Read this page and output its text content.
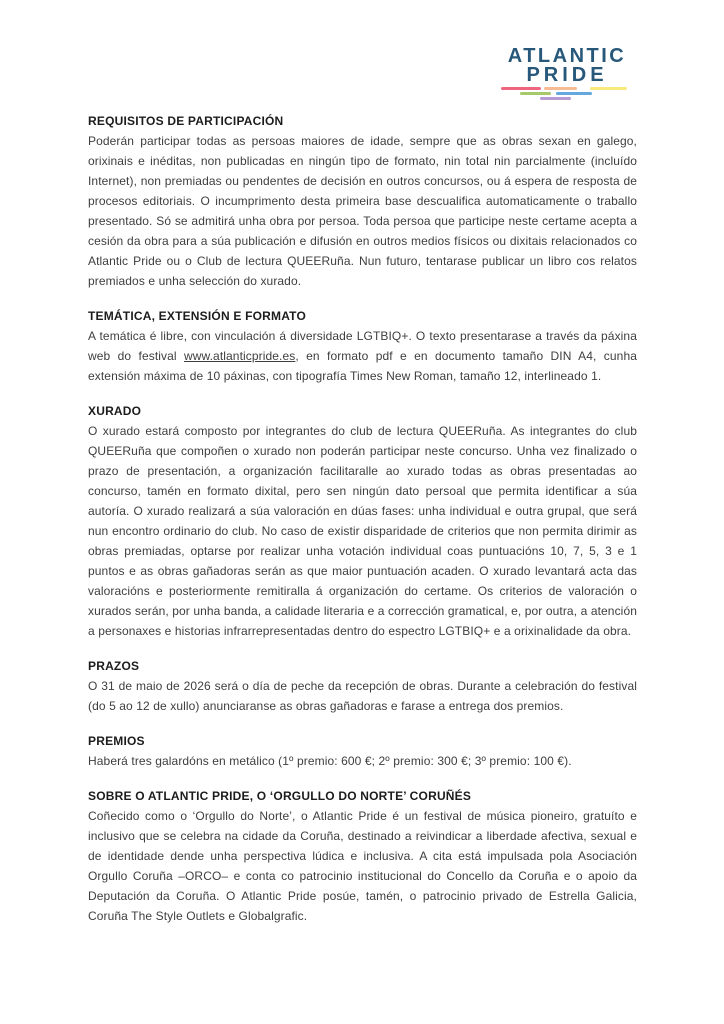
ATLANTIC
PRIDE
REQUISITOS DE PARTICIPACIÓN

Poderán participar todas as persoas maiores de idade, sempre que as obras sexan en galego, orixinais e inéditas, non publicadas en ningún tipo de formato, nin total nin parcialmente (incluído Internet), non premiadas ou pendentes de decisión en outros concursos, ou á espera de resposta de procesos editoriais. O incumprimento desta primeira base descualifica automaticamente o traballo presentado. Só se admitirá unha obra por persoa. Toda persoa que participe neste certame acepta a cesión da obra para a súa publicación e difusión en outros medios físicos ou dixitais relacionados co Atlantic Pride ou o Club de lectura QUEERuña. Nun futuro, tentarase publicar un libro cos relatos premiados e unha selección do xurado.

TEMÁTICA, EXTENSIÓN E FORMATO

A temática é libre, con vinculación á diversidade LGTBIQ+. O texto presentarase a través da páxina web do festival www.atlanticpride.es, en formato pdf e en documento tamaño DIN A4, cunha extensión máxima de 10 páxinas, con tipografía Times New Roman, tamaño 12, interlineado 1.

XURADO

O xurado estará composto por integrantes do club de lectura QUEERuña. As integrantes do club QUEERuña que compoñen o xurado non poderán participar neste concurso. Unha vez finalizado o prazo de presentación, a organización facilitaralle ao xurado todas as obras presentadas ao concurso, tamén en formato dixital, pero sen ningún dato persoal que permita identificar a súa autoría. O xurado realizará a súa valoración en dúas fases: unha individual e outra grupal, que será nun encontro ordinario do club. No caso de existir disparidade de criterios que non permita dirimir as obras premiadas, optarse por realizar unha votación individual coas puntuacións 10, 7, 5, 3 e 1 puntos e as obras gañadoras serán as que maior puntuación acaden. O xurado levantará acta das valoracións e posteriormente remitiralla á organización do certame. Os criterios de valoración o xurados serán, por unha banda, a calidade literaria e a corrección gramatical, e, por outra, a atención a personaxes e historias infrarrepresentadas dentro do espectro LGTBIQ+ e a orixinalidade da obra.

PRAZOS

O 31 de maio de 2026 será o día de peche da recepción de obras. Durante a celebración do festival (do 5 ao 12 de xullo) anunciaranse as obras gañadoras e farase a entrega dos premios.

PREMIOS

Haberá tres galardóns en metálico (1º premio: 600 €; 2º premio: 300 €; 3º premio: 100 €).

SOBRE O ATLANTIC PRIDE, O ‘ORGULLO DO NORTE’ CORUÑÉS

Coñecido como o ‘Orgullo do Norte’, o Atlantic Pride é un festival de música pioneiro, gratuíto e inclusivo que se celebra na cidade da Coruña, destinado a reivindicar a liberdade afectiva, sexual e de identidade dende unha perspectiva lúdica e inclusiva. A cita está impulsada pola Asociación Orgullo Coruña –ORCO– e conta co patrocinio institucional do Concello da Coruña e o apoio da Deputación da Coruña. O Atlantic Pride posúe, tamén, o patrocinio privado de Estrella Galicia, Coruña The Style Outlets e Globalgrafic.
